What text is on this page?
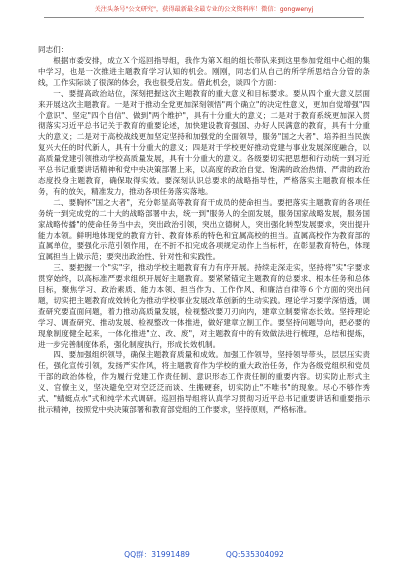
关注头条号"公文研究"，获得最新最全最专业的公文资料库！微信：gongwenyj

同志们：

根据市委安排，成立Ｘ个巡回指导组，我作为第Ｘ组的组长带队来到这里参加党组中心组的集中学习，也是一次推进主题教育学习认知的机会。刚刚，同志们从自己的所学所思结合分管的条线，工作实际谈了很深的体会，我也很受启发。借此机会，谈四个方面：

一、要提高政治站位，深刻把握这次主题教育的重大意义和目标要求。要从四个重大意义层面来开展这次主题教育。一是对于推动全党更加深刻领悟"两个确立"的决定性意义，更加自觉增强"四个意识"、坚定"四个自信"、做到"两个维护"，具有十分重大的意义；二是对于教育系统更加深入贯彻落实习近平总书记关于教育的重要论述，加快建设教育强国、办好人民满意的教育，具有十分重大的意义；二是对于高校战线更加坚定坚持和加强党的全面领导，服务"国之大者"、培养担当民族复兴大任的时代新人，具有十分重大的意义；四是对于学校更好推动党建与事业发展深度融合，以高质量党建引领推动学校高质量发展，具有十分重大的意义。各级要切实把思想和行动统一到习近平总书记重要讲话精神和党中央决策部署上来，以高度的政治自觉、饱满的政治热情、严肃的政治态度投身主题教育，确保取得实效。要深刻认识总要求的战略指导性，严格落实主题教育根本任务，有的放矢，精准发力，推动各项任务落实落地。

二、要胸怀"国之大者"，充分彰显高等教育育干成员的使命担当。要把落实主题教育的各项任务统一到完成党的二十大的战略部署中去，统一到"服务人的全面发展，服务国家战略发展，服务国家战略传播"的使命任务当中去，突出政治引领，突出立德树人，突出强化转型发展要求，突出提升能力本领。鲜明地体现党的教育方针、教育体系的特色和宜属高校的担当。直属高校作为教育部的直属单位，要强化示范引领作用，在不折不扣完成各项规定动作上当标杆，在彰显教育特色，体现宜属担当上做示范；要突出政治性、针对性和实践性。

三、要把握一个"实"字，推动学校主题教育有力有序开展。持续走深走实，坚持将"实"字要求贯穿始终，以高标准严要求组织开展好主题教育。要紧紧锚定主题教育的总要求、根本任务和总体目标，聚焦学习、政治素质、能力本领、担当作为、工作作风、和廉洁自律等６个方面的突出问题，切实把主题教育成效转化为推动学校事业发展改革创新的生动实践。理论学习要学深悟透，调查研究要直面问题，着力推动高质量发展，检视整改要刀刃向内，建章立制要常态长效。坚持理论学习、调查研究、推动发展、检视整改一体推进，做好建章立制工作。要坚持问题导向，把必要的现象制度健全起来，一体化推进"立、改、废"，对主题教育中的有效做法进行梳理，总结和提炼，进一步完善制度体系，强化制度执行，形成长效机制。

四、要加强组织领导，确保主题教育质量和成效。加强工作领导，坚持领导带头，层层压实责任，强化宣传引领，发扬严实作风，将主题教育作为学校的重大政治任务，作为各级党组织和党员干部的政治体检，作为履行党建工作责任制、意识形态工作责任制的重要内容。切实防止形式主义、官僚主义，坚决避免空对空泛泛而谈、生搬硬套，切实防止"不唯书"的现象。尽心不够作秀式、"蜻蜓点水"式和纯学术式调研。巡回指导组将认真学习贯彻习近平总书记重要讲话和重要指示批示精神，按照党中央决策部署和教育部党组的工作要求，坚持原则，严格标准。

QQ群：31991489	QQ:535304092
